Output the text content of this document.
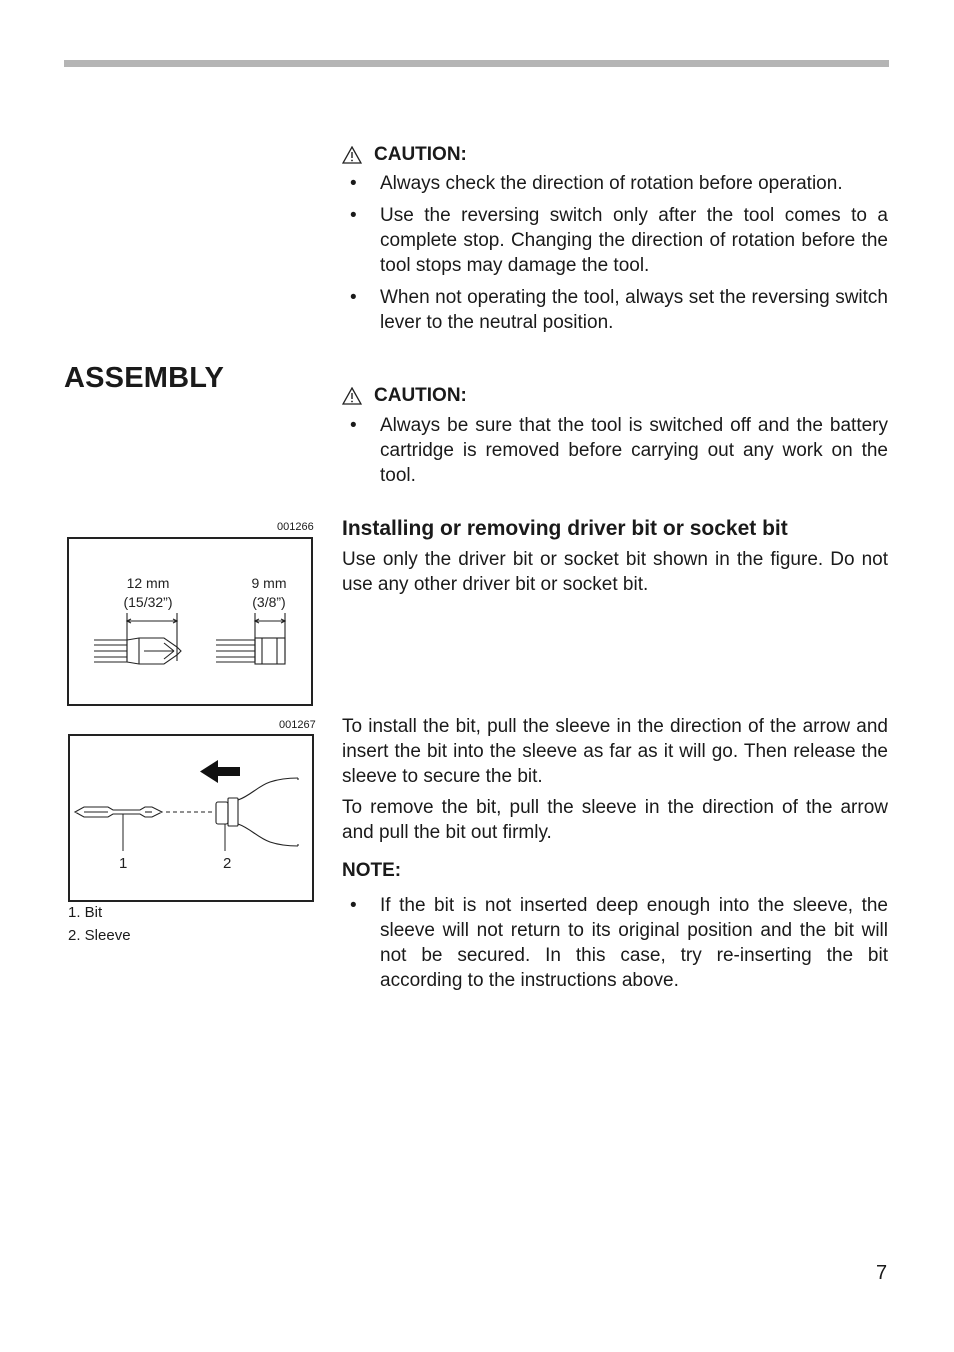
CAUTION:
• Always check the direction of rotation before operation.
• Use the reversing switch only after the tool comes to a complete stop. Changing the direction of rotation before the tool stops may damage the tool.
• When not operating the tool, always set the reversing switch lever to the neutral position.
ASSEMBLY
CAUTION:
• Always be sure that the tool is switched off and the battery cartridge is removed before carrying out any work on the tool.
001266
12 mm
(15/32”)
9 mm
(3/8”)
Installing or removing driver bit or socket bit

Use only the driver bit or socket bit shown in the figure. Do not use any other driver bit or socket bit.

001267
1	2
1. Bit
2. Sleeve

To install the bit, pull the sleeve in the direction of the arrow and insert the bit into the sleeve as far as it will go. Then release the sleeve to secure the bit.

To remove the bit, pull the sleeve in the direction of the arrow and pull the bit out firmly.

NOTE:
• If the bit is not inserted deep enough into the sleeve, the sleeve will not return to its original position and the bit will not be secured. In this case, try re-inserting the bit according to the instructions above.
7
